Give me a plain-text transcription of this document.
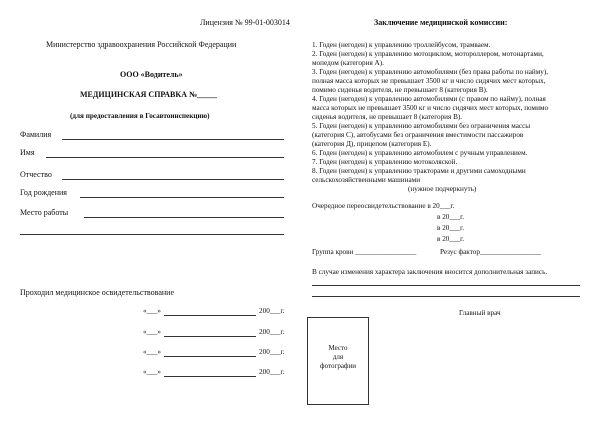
Лицензия № 99-01-003014
Министерство здравоохранения Российской Федерации
ООО «Водитель»
МЕДИЦИНСКАЯ СПРАВКА №_____
(для предоставления в Госавтоинспекцию)
Фамилия
Имя
Отчество
Год рождения
Место работы
Проходил медицинское освидетельствование
«___»	200___г.
«___»	200___г.
«___»	200___г.
«___»	200___г.
Заключение медицинской комиссии:
1. Годен (негоден) к управлению троллейбусом, трамваем.
2. Годен (негоден) к управлению мотоциклом, мотороллером, мотонартами,
мопедом (категория А).
3. Годен (негоден) к управлению автомобилями (без права работы по найму),
полная масса которых не превышает 3500 кг и число сидячих мест которых,
помимо сиденья водителя, не превышает 8 (категория В).
4. Годен (негоден) к управлению автомобилями (с правом по найму), полная
масса которых не превышает 3500 кг и число сидячих мест которых, помимо
сиденья водителя, не превышает 8 (категория В).
5. Годен (негоден) к управлению автомобилями без ограничения массы
(категория С), автобусами без ограничения вместимости пассажиров
(категория Д), прицепом (категория Е).
6. Годен (негоден) к управлению автомобилем с ручным управлением.
7. Годен (негоден) к управлению мотоколяской.
8. Годен (негоден) к управлению тракторами и другими самоходными
сельскохозяйственными машинами
(нужное подчеркнуть)
Очередное переосвидетельствование в 20___г.
в 20___г.
в 20___г.
в 20___г.
Группа крови _________________	Резус фактор_________________
В случае изменения характера заключения вносится дополнительная запись.
Главный врач
Место
для
фотографии
